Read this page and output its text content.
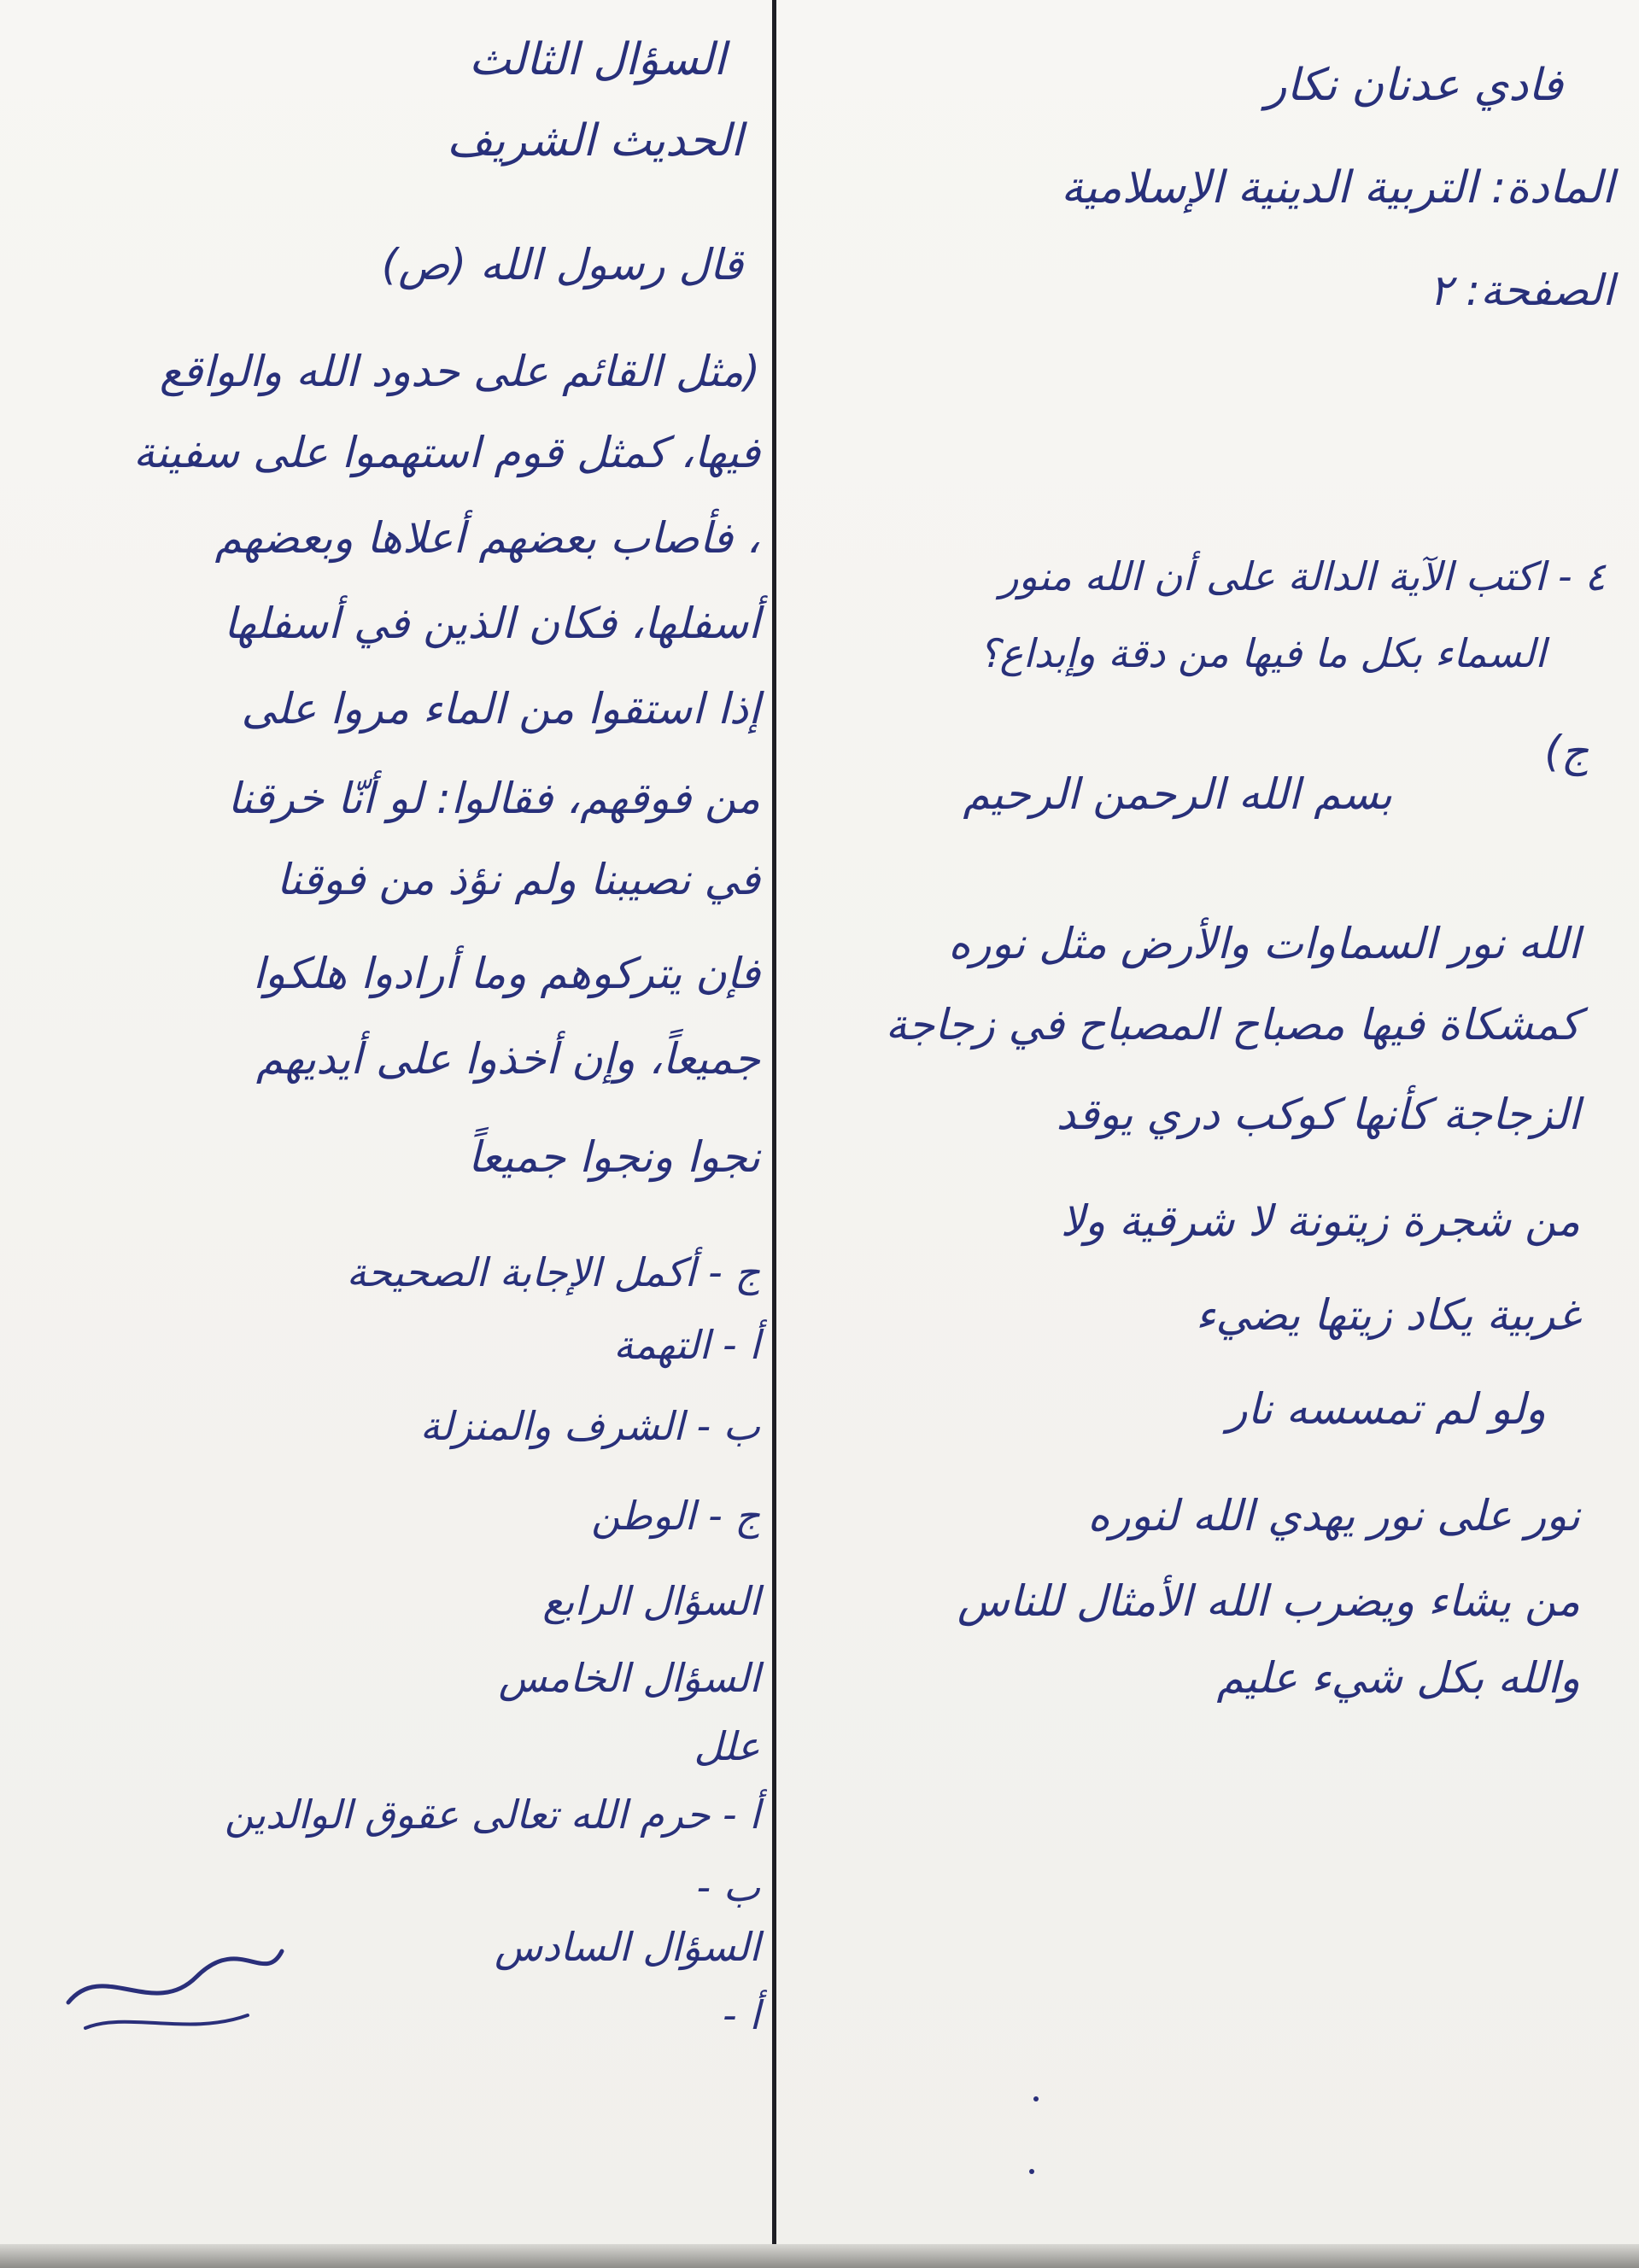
السؤال الثالث
الحديث الشريف
قال رسول الله (ص)
(مثل القائم على حدود الله والواقع
فيها، كمثل قوم استهموا على سفينة
، فأصاب بعضهم أعلاها وبعضهم
أسفلها، فكان الذين في أسفلها
إذا استقوا من الماء مروا على
من فوقهم، فقالوا: لو أنّا خرقنا
في نصيبنا ولم نؤذ من فوقنا
فإن يتركوهم وما أرادوا هلكوا
جميعاً، وإن أخذوا على أيديهم
نجوا ونجوا جميعاً
ج - أكمل الإجابة الصحيحة
أ - التهمة
ب - الشرف والمنزلة
ج - الوطن
السؤال الرابع
السؤال الخامس
علل
أ - حرم الله تعالى عقوق الوالدين
ب -
السؤال السادس
أ -
فادي عدنان نكار
المادة: التربية الدينية الإسلامية
الصفحة: ٢
٤ - اكتب الآية الدالة على أن الله منور
السماء بكل ما فيها من دقة وإبداع؟
ج)
بسم الله الرحمن الرحيم
الله نور السماوات والأرض مثل نوره
كمشكاة فيها مصباح المصباح في زجاجة
الزجاجة كأنها كوكب دري يوقد
من شجرة زيتونة لا شرقية ولا
غربية يكاد زيتها يضيء
ولو لم تمسسه نار
نور على نور يهدي الله لنوره
من يشاء ويضرب الله الأمثال للناس
والله بكل شيء عليم
